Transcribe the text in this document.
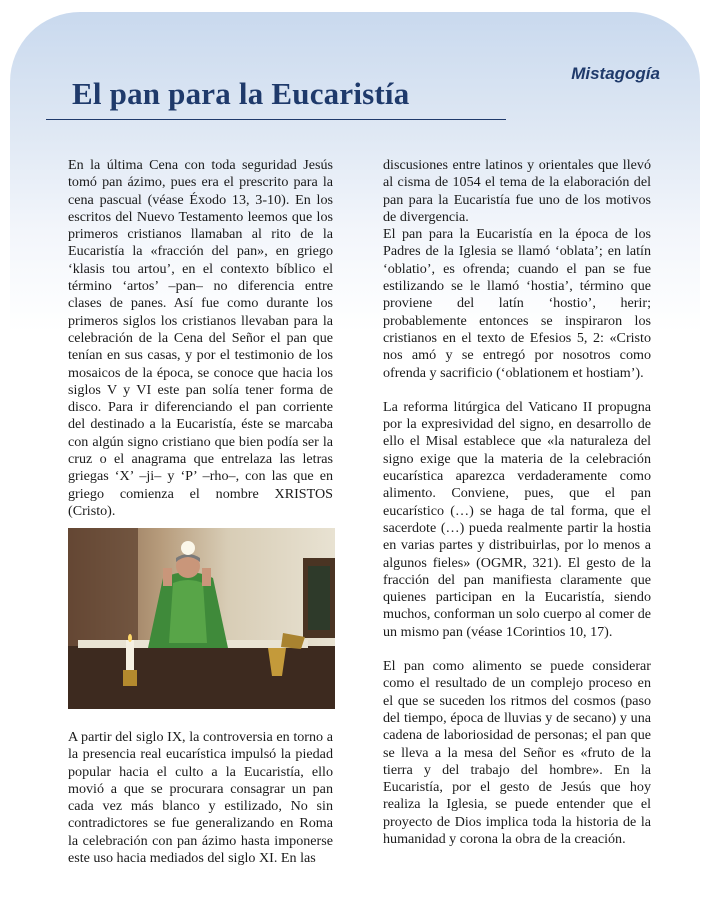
Mistagogía
El pan para la Eucaristía

En la última Cena con toda seguridad Jesús tomó pan ázimo, pues era el prescrito para la cena pascual (véase Éxodo 13, 3-10). En los escritos del Nuevo Testamento leemos que los primeros cristianos llamaban al rito de la Eucaristía la «fracción del pan», en griego ‘klasis tou artou’, en el contexto bíblico el término ‘artos’ –pan– no diferencia entre clases de panes. Así fue como durante los primeros siglos los cristianos llevaban para la celebración de la Cena del Señor el pan que tenían en sus casas, y por el testimonio de los mosaicos de la época, se conoce que hacia los siglos V y VI este pan solía tener forma de disco. Para ir diferenciando el pan corriente del destinado a la Eucaristía, éste se marcaba con algún signo cristiano que bien podía ser la cruz o el anagrama que entrelaza las letras griegas ‘X’ –ji– y ‘P’ –rho–, con las que en griego comienza el nombre XRISTOS (Cristo).

A partir del siglo IX, la controversia en torno a la presencia real eucarística impulsó la piedad popular hacia el culto a la Eucaristía, ello movió a que se procurara consagrar un pan cada vez más blanco y estilizado, No sin contradictores se fue generalizando en Roma la celebración con pan ázimo hasta imponerse este uso hacia mediados del siglo XI. En las

discusiones entre latinos y orientales que llevó al cisma de 1054 el tema de la elaboración del pan para la Eucaristía fue uno de los motivos de divergencia.

El pan para la Eucaristía en la época de los Padres de la Iglesia se llamó ‘oblata’; en latín ‘oblatio’, es ofrenda; cuando el pan se fue estilizando se le llamó ‘hostia’, término que proviene del latín ‘hostio’, herir; probablemente entonces se inspiraron los cristianos en el texto de Efesios 5, 2: «Cristo nos amó y se entregó por nosotros como ofrenda y sacrificio (‘oblationem et hostiam’).

La reforma litúrgica del Vaticano II propugna por la expresividad del signo, en desarrollo de ello el Misal establece que «la naturaleza del signo exige que la materia de la celebración eucarística aparezca verdaderamente como alimento. Conviene, pues, que el pan eucarístico (…) se haga de tal forma, que el sacerdote (…) pueda realmente partir la hostia en varias partes y distribuirlas, por lo menos a algunos fieles» (OGMR, 321). El gesto de la fracción del pan manifiesta claramente que quienes participan en la Eucaristía, siendo muchos, conforman un solo cuerpo al comer de un mismo pan (véase 1Corintios 10, 17).

El pan como alimento se puede considerar como el resultado de un complejo proceso en el que se suceden los ritmos del cosmos (paso del tiempo, época de lluvias y de secano) y una cadena de laboriosidad de personas; el pan que se lleva a la mesa del Señor es «fruto de la tierra y del trabajo del hombre». En la Eucaristía, por el gesto de Jesús que hoy realiza la Iglesia, se puede entender que el proyecto de Dios implica toda la historia de la humanidad y corona la obra de la creación.
